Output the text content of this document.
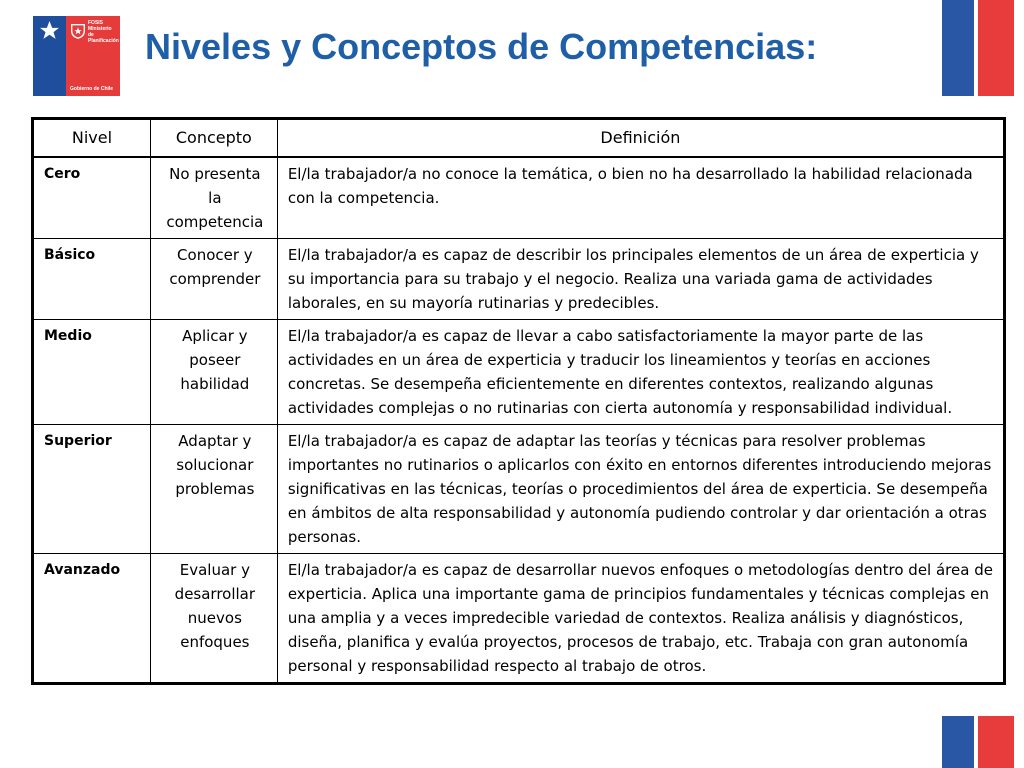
FOSIS
Ministerio de
Planificación
Gobierno de Chile
Niveles y Conceptos de Competencias:
Nivel	Concepto	Definición
Cero	No presenta la competencia	El/la trabajador/a no conoce la temática, o bien no ha desarrollado la habilidad relacionada con la competencia.
Básico	Conocer y comprender	El/la trabajador/a es capaz de describir los principales elementos de un área de experticia y su importancia para su trabajo y el negocio. Realiza una variada gama de actividades laborales, en su mayoría rutinarias y predecibles.
Medio	Aplicar y poseer habilidad	El/la trabajador/a es capaz de llevar a cabo satisfactoriamente la mayor parte de las actividades en un área de experticia y traducir los lineamientos y teorías en acciones concretas. Se desempeña eficientemente en diferentes contextos, realizando algunas actividades complejas o no rutinarias con cierta autonomía y responsabilidad individual.
Superior	Adaptar y solucionar problemas	El/la trabajador/a es capaz de adaptar las teorías y técnicas para resolver problemas importantes no rutinarios o aplicarlos con éxito en entornos diferentes introduciendo mejoras significativas en las técnicas, teorías o procedimientos del área de experticia. Se desempeña en ámbitos de alta responsabilidad y autonomía pudiendo controlar y dar orientación a otras personas.
Avanzado	Evaluar y desarrollar nuevos enfoques	El/la trabajador/a es capaz de desarrollar nuevos enfoques o metodologías dentro del área de experticia. Aplica una importante gama de principios fundamentales y técnicas complejas en una amplia y a veces impredecible variedad de contextos. Realiza análisis y diagnósticos, diseña, planifica y evalúa proyectos, procesos de trabajo, etc. Trabaja con gran autonomía personal y responsabilidad respecto al trabajo de otros.
